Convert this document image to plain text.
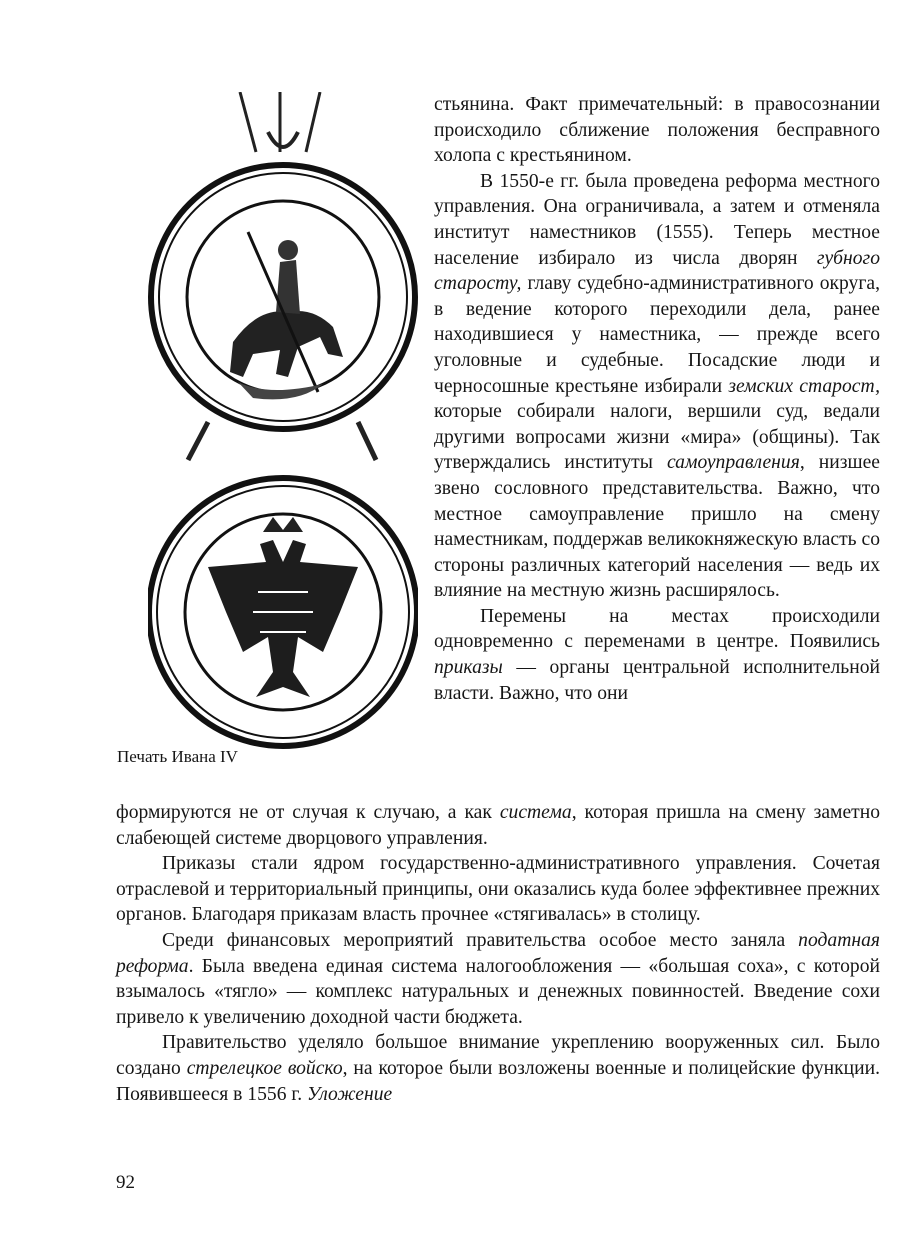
Печать Ивана IV

стьянина. Факт примечательный: в правосознании происходило сближение положения бесправного холопа с крестьянином.

В 1550-е гг. была проведена реформа местного управления. Она ограничивала, а затем и отменяла институт наместников (1555). Теперь местное население избирало из числа дворян губного старосту, главу судебно-административного округа, в ведение которого переходили дела, ранее находившиеся у наместника, — прежде всего уголовные и судебные. Посадские люди и черносошные крестьяне избирали земских старост, которые собирали налоги, вершили суд, ведали другими вопросами жизни «мира» (общины). Так утверждались институты самоуправления, низшее звено сословного представительства. Важно, что местное самоуправление пришло на смену наместникам, поддержав великокняжескую власть со стороны различных категорий населения — ведь их влияние на местную жизнь расширялось.

Перемены на местах происходили одновременно с переменами в центре. Появились приказы — органы центральной исполнительной власти. Важно, что они

формируются не от случая к случаю, а как система, которая пришла на смену заметно слабеющей системе дворцового управления.

Приказы стали ядром государственно-административного управления. Сочетая отраслевой и территориальный принципы, они оказались куда более эффективнее прежних органов. Благодаря приказам власть прочнее «стягивалась» в столицу.

Среди финансовых мероприятий правительства особое место заняла податная реформа. Была введена единая система налогообложения — «большая соха», с которой взымалось «тягло» — комплекс натуральных и денежных повинностей. Введение сохи привело к увеличению доходной части бюджета.

Правительство уделяло большое внимание укреплению вооруженных сил. Было создано стрелецкое войско, на которое были возложены военные и полицейские функции. Появившееся в 1556 г. Уложение

92
